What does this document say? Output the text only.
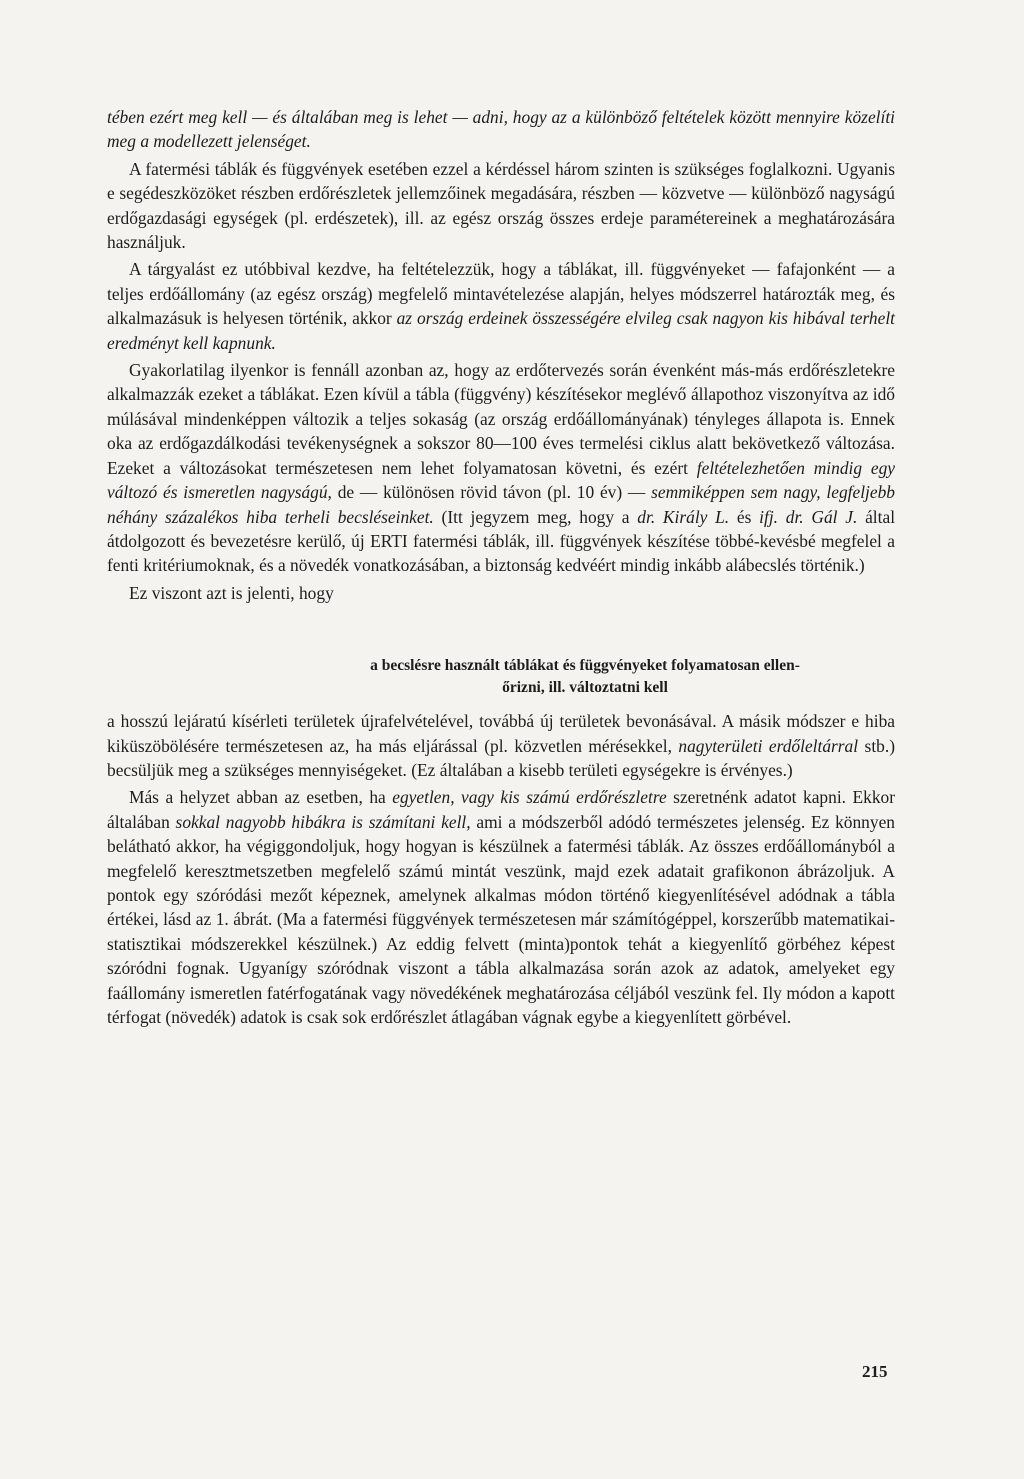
tében ezért meg kell — és általában meg is lehet — adni, hogy az a különböző feltételek között mennyire közelíti meg a modellezett jelenséget.

A fatermési táblák és függvények esetében ezzel a kérdéssel három szinten is szükséges foglalkozni. Ugyanis e segédeszközöket részben erdőrészletek jellemzőinek megadására, részben — közvetve — különböző nagyságú erdőgazdasági egységek (pl. erdészetek), ill. az egész ország összes erdeje paramétereinek a meghatározására használjuk.

A tárgyalást ez utóbbival kezdve, ha feltételezzük, hogy a táblákat, ill. függvényeket — fafajonként — a teljes erdőállomány (az egész ország) megfelelő mintavételezése alapján, helyes módszerrel határozták meg, és alkalmazásuk is helyesen történik, akkor az ország erdeinek összességére elvileg csak nagyon kis hibával terhelt eredményt kell kapnunk.

Gyakorlatilag ilyenkor is fennáll azonban az, hogy az erdőtervezés során évenként más-más erdőrészletekre alkalmazzák ezeket a táblákat. Ezen kívül a tábla (függvény) készítésekor meglévő állapothoz viszonyítva az idő múlásával mindenképpen változik a teljes sokaság (az ország erdőállományának) tényleges állapota is. Ennek oka az erdőgazdálkodási tevékenységnek a sokszor 80—100 éves termelési ciklus alatt bekövetkező változása. Ezeket a változásokat természetesen nem lehet folyamatosan követni, és ezért feltételezhetően mindig egy változó és ismeretlen nagyságú, de — különösen rövid távon (pl. 10 év) — semmiképpen sem nagy, legfeljebb néhány százalékos hiba terheli becsléseinket. (Itt jegyzem meg, hogy a dr. Király L. és ifj. dr. Gál J. által átdolgozott és bevezetésre kerülő, új ERTI fatermési táblák, ill. függvények készítése többé-kevésbé megfelel a fenti kritériumoknak, és a növedék vonatkozásában, a biztonság kedvéért mindig inkább alábecslés történik.)

Ez viszont azt is jelenti, hogy

a becslésre használt táblákat és függvényeket folyamatosan ellen-
őrizni, ill. változtatni kell

a hosszú lejáratú kísérleti területek újrafelvételével, továbbá új területek bevonásával. A másik módszer e hiba kiküszöbölésére természetesen az, ha más eljárással (pl. közvetlen mérésekkel, nagyterületi erdőleltárral stb.) becsüljük meg a szükséges mennyiségeket. (Ez általában a kisebb területi egységekre is érvényes.)

Más a helyzet abban az esetben, ha egyetlen, vagy kis számú erdőrészletre szeretnénk adatot kapni. Ekkor általában sokkal nagyobb hibákra is számítani kell, ami a módszerből adódó természetes jelenség. Ez könnyen belátható akkor, ha végiggondoljuk, hogy hogyan is készülnek a fatermési táblák. Az összes erdőállományból a megfelelő keresztmetszetben megfelelő számú mintát veszünk, majd ezek adatait grafikonon ábrázoljuk. A pontok egy szóródási mezőt képeznek, amelynek alkalmas módon történő kiegyenlítésével adódnak a tábla értékei, lásd az 1. ábrát. (Ma a fatermési függvények természetesen már számítógéppel, korszerűbb matematikai-statisztikai módszerekkel készülnek.) Az eddig felvett (minta)pontok tehát a kiegyenlítő görbéhez képest szóródni fognak. Ugyanígy szóródnak viszont a tábla alkalmazása során azok az adatok, amelyeket egy faállomány ismeretlen fatérfogatának vagy növedékének meghatározása céljából veszünk fel. Ily módon a kapott térfogat (növedék) adatok is csak sok erdőrészlet átlagában vágnak egybe a kiegyenlített görbével.

215
